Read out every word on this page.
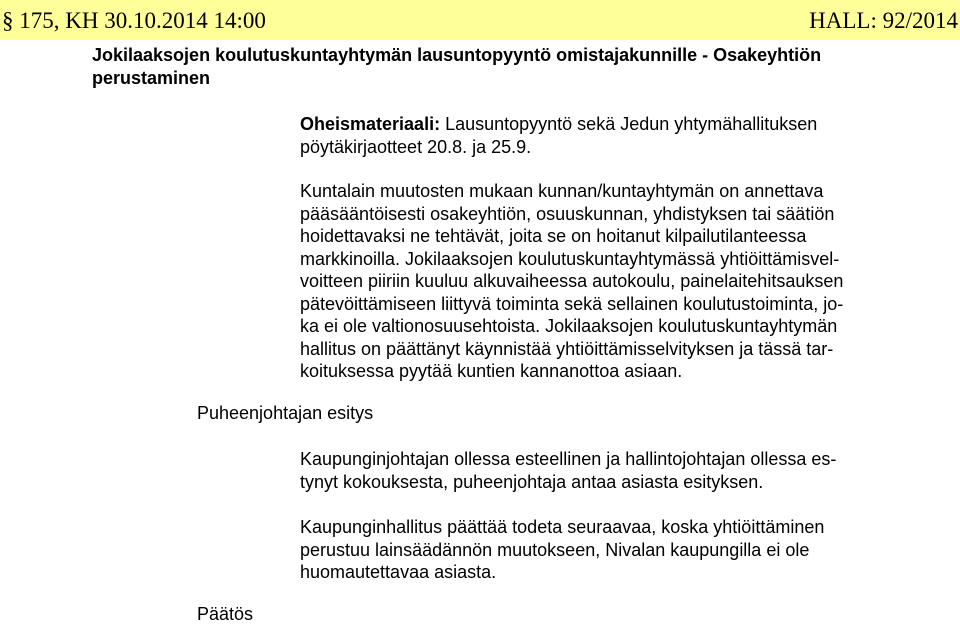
§ 175, KH 30.10.2014 14:00	HALL: 92/2014
Jokilaaksojen koulutuskuntayhtymän lausuntopyyntö omistajakunnille - Osakeyhtiön
perustaminen
Oheismateriaali: Lausuntopyyntö sekä Jedun yhtymähallituksen
pöytäkirjaotteet 20.8. ja 25.9.
Kuntalain muutosten mukaan kunnan/kuntayhtymän on annettava
pääsääntöisesti osakeyhtiön, osuuskunnan, yhdistyksen tai säätiön
hoidettavaksi ne tehtävät, joita se on hoitanut kilpailutilanteessa
markkinoilla. Jokilaaksojen koulutuskuntayhtymässä yhtiöittämisvel-
voitteen piiriin kuuluu alkuvaiheessa autokoulu, painelaitehitsauksen
pätevöittämiseen liittyvä toiminta sekä sellainen koulutustoiminta, jo-
ka ei ole valtionosuusehtoista. Jokilaaksojen koulutuskuntayhtymän
hallitus on päättänyt käynnistää yhtiöittämisselvityksen ja tässä tar-
koituksessa pyytää kuntien kannanottoa asiaan.
Puheenjohtajan esitys
Kaupunginjohtajan ollessa esteellinen ja hallintojohtajan ollessa es-
tynyt kokouksesta, puheenjohtaja antaa asiasta esityksen.
Kaupunginhallitus päättää todeta seuraavaa, koska yhtiöittäminen
perustuu lainsäädännön muutokseen, Nivalan kaupungilla ei ole
huomautettavaa asiasta.
Päätös
